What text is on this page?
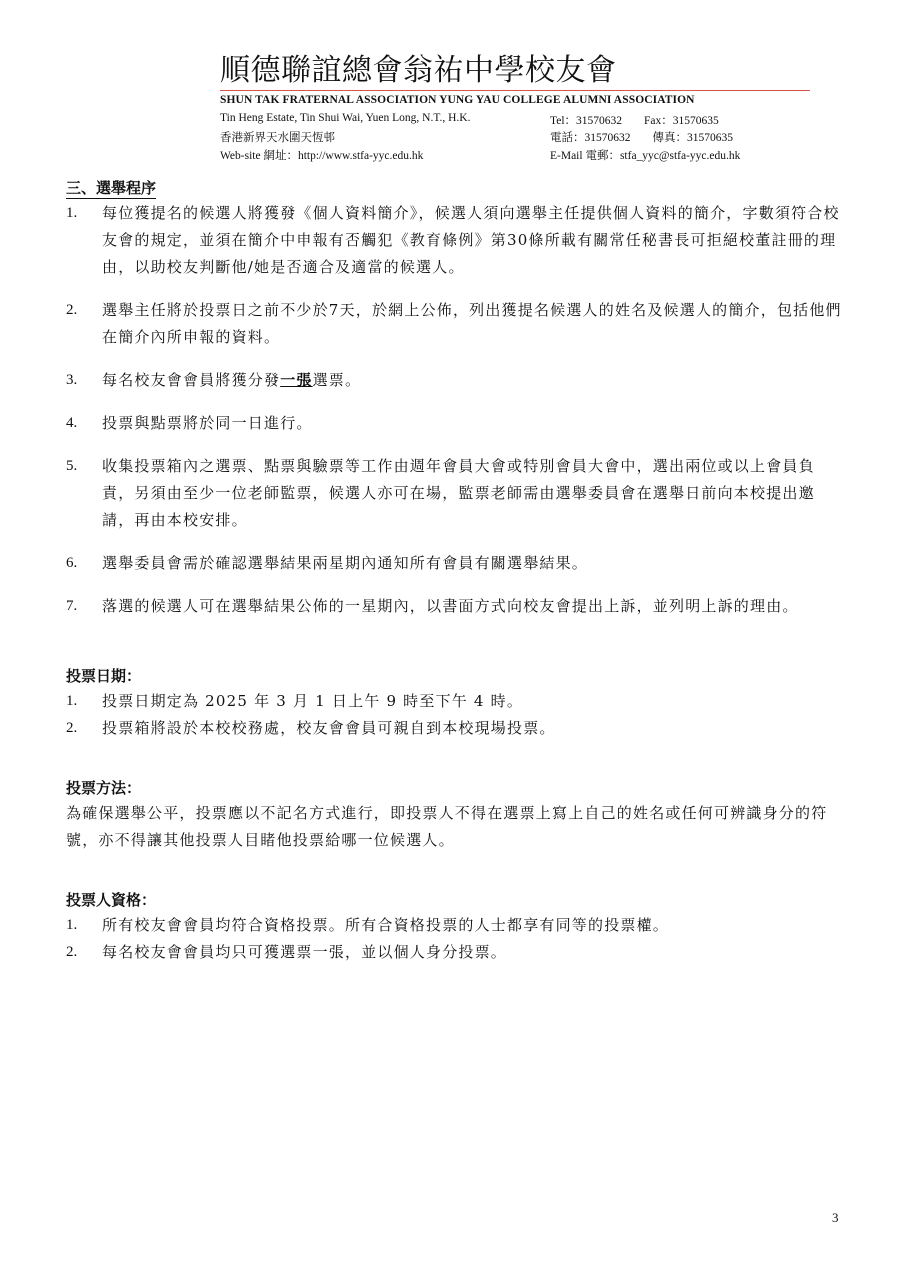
順德聯誼總會翁祐中學校友會
SHUN TAK FRATERNAL ASSOCIATION YUNG YAU COLLEGE ALUMNI ASSOCIATION
Tin Heng Estate, Tin Shui Wai, Yuen Long, N.T., H.K.	Tel：31570632 Fax：31570635
香港新界天水圍天恆邨	電話：31570632 傳真：31570635
Web-site 網址：http://www.stfa-yyc.edu.hk	E-Mail 電郵：stfa_yyc@stfa-yyc.edu.hk
三、選舉程序
1. 每位獲提名的候選人將獲發《個人資料簡介》，候選人須向選舉主任提供個人資料的簡介，字數須符合校友會的規定，並須在簡介中申報有否觸犯《教育條例》第30條所載有關常任秘書長可拒絕校董註冊的理由，以助校友判斷他/她是否適合及適當的候選人。
2. 選舉主任將於投票日之前不少於7天，於網上公佈，列出獲提名候選人的姓名及候選人的簡介，包括他們在簡介內所申報的資料。
3. 每名校友會會員將獲分發一張選票。
4. 投票與點票將於同一日進行。
5. 收集投票箱內之選票、點票與驗票等工作由週年會員大會或特別會員大會中，選出兩位或以上會員負責，另須由至少一位老師監票，候選人亦可在場，監票老師需由選舉委員會在選舉日前向本校提出邀請，再由本校安排。
6. 選舉委員會需於確認選舉結果兩星期內通知所有會員有關選舉結果。
7. 落選的候選人可在選舉結果公佈的一星期內，以書面方式向校友會提出上訴，並列明上訴的理由。
投票日期：
1. 投票日期定為 2025 年 3 月 1 日上午 9 時至下午 4 時。
2. 投票箱將設於本校校務處，校友會會員可親自到本校現場投票。
投票方法：
為確保選舉公平，投票應以不記名方式進行，即投票人不得在選票上寫上自己的姓名或任何可辨識身分的符號，亦不得讓其他投票人目睹他投票給哪一位候選人。
投票人資格：
1. 所有校友會會員均符合資格投票。所有合資格投票的人士都享有同等的投票權。
2. 每名校友會會員均只可獲選票一張，並以個人身分投票。
3
